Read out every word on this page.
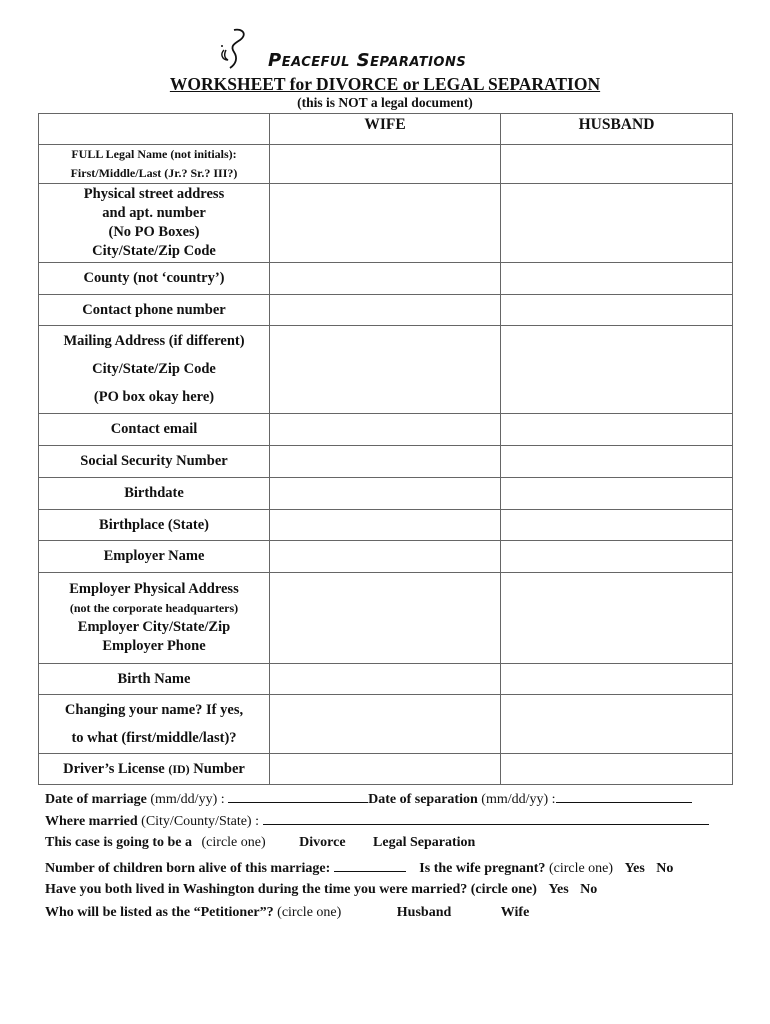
Peaceful Separations
WORKSHEET for DIVORCE or LEGAL SEPARATION
(this is NOT a legal document)
	WIFE	HUSBAND

FULL Legal Name (not initials):
First/Middle/Last (Jr.? Sr.? III?)		

Physical street address
and apt. number
(No PO Boxes)
City/State/Zip Code		

County (not ‘country’)		
Contact phone number		

Mailing Address (if different)
City/State/Zip Code
(PO box okay here)		

Contact email		
Social Security Number		
Birthdate		
Birthplace (State)		
Employer Name		

Employer Physical Address
(not the corporate headquarters)
Employer City/State/Zip
Employer Phone		

Birth Name		

Changing your name? If yes,
to what (first/middle/last)?		

Driver’s License (ID) Number		
Date of marriage (mm/dd/yy) :	Date of separation (mm/dd/yy) :
Where married (City/County/State) :
This case is going to be a (circle one) Divorce Legal Separation
Number of children born alive of this marriage:	Is the wife pregnant? (circle one) Yes No
Have you both lived in Washington during the time you were married? (circle one) Yes No
Who will be listed as the “Petitioner”? (circle one)	Husband	Wife
